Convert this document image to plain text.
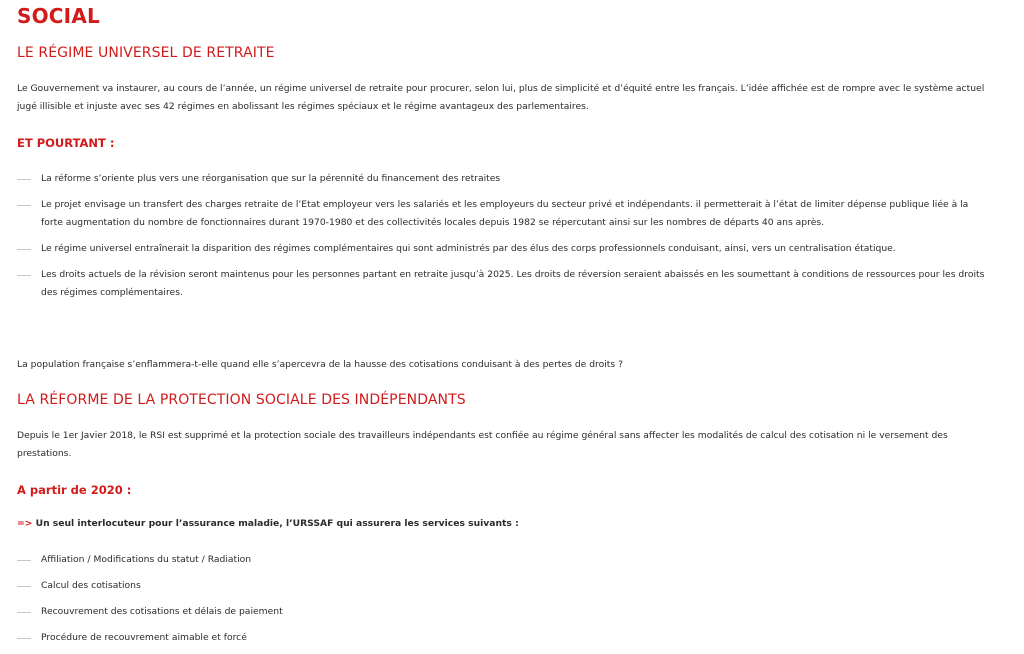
SOCIAL
LE RÉGIME UNIVERSEL DE RETRAITE

Le Gouvernement va instaurer, au cours de l’année, un régime universel de retraite pour procurer, selon lui, plus de simplicité et d’équité entre les français. L’idée affichée est de rompre avec le système actuel jugé illisible et injuste avec ses 42 régimes en abolissant les régimes spéciaux et le régime avantageux des parlementaires.

ET POURTANT :
La réforme s’oriente plus vers une réorganisation que sur la pérennité du financement des retraites
Le projet envisage un transfert des charges retraite de l’Etat employeur vers les salariés et les employeurs du secteur privé et indépendants. il permetterait à l’état de limiter dépense publique liée à la forte augmentation du nombre de fonctionnaires durant 1970-1980 et des collectivités locales depuis 1982 se répercutant ainsi sur les nombres de départs 40 ans après.
Le régime universel entraînerait la disparition des régimes complémentaires qui sont administrés par des élus des corps professionnels conduisant, ainsi, vers un centralisation étatique.
Les droits actuels de la révision seront maintenus pour les personnes partant en retraite jusqu’à 2025. Les droits de réversion seraient abaissés en les soumettant à conditions de ressources pour les droits des régimes complémentaires.

La population française s’enflammera-t-elle quand elle s’apercevra de la hausse des cotisations conduisant à des pertes de droits ?

LA RÉFORME DE LA PROTECTION SOCIALE DES INDÉPENDANTS

Depuis le 1er Javier 2018, le RSI est supprimé et la protection sociale des travailleurs indépendants est confiée au régime général sans affecter les modalités de calcul des cotisation ni le versement des prestations.

A partir de 2020 :

=> Un seul interlocuteur pour l’assurance maladie, l’URSSAF qui assurera les services suivants :

Affiliation / Modifications du statut / Radiation
Calcul des cotisations
Recouvrement des cotisations et délais de paiement
Procédure de recouvrement aimable et forcé
